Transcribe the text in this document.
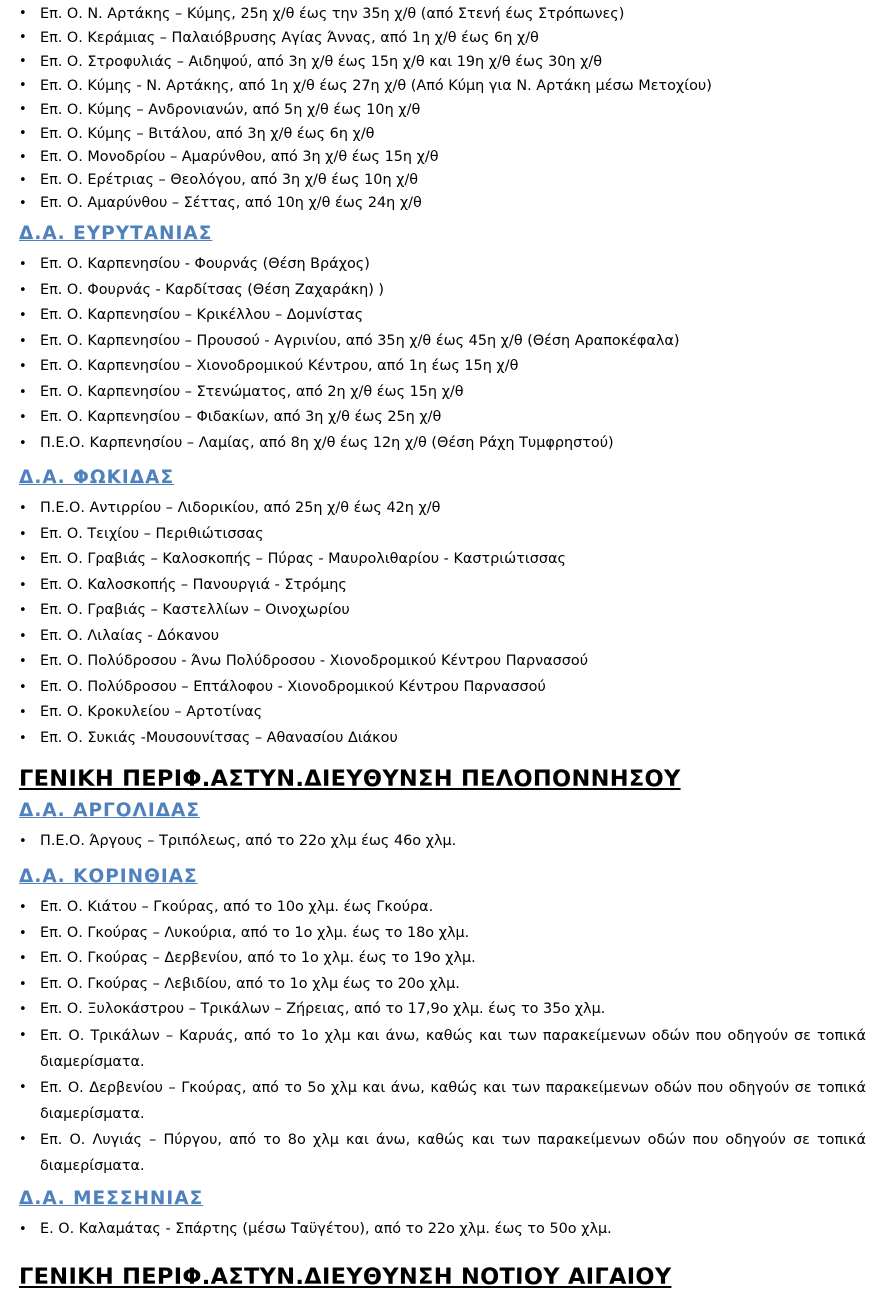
• Επ. Ο. Ν. Αρτάκης – Κύμης, 25η χ/θ έως την 35η χ/θ (από Στενή έως Στρόπωνες)
• Επ. Ο. Κεράμιας – Παλαιόβρυσης Αγίας Άννας, από 1η χ/θ έως 6η χ/θ
• Επ. Ο. Στροφυλιάς – Αιδηψού, από 3η χ/θ έως 15η χ/θ και 19η χ/θ έως 30η χ/θ
• Επ. Ο. Κύμης - Ν. Αρτάκης, από 1η χ/θ έως 27η χ/θ (Από Κύμη για Ν. Αρτάκη μέσω Μετοχίου)
• Επ. Ο. Κύμης – Ανδρονιανών, από 5η χ/θ έως 10η χ/θ
• Επ. Ο. Κύμης – Βιτάλου, από 3η χ/θ έως 6η χ/θ
• Επ. Ο. Μονοδρίου – Αμαρύνθου, από 3η χ/θ έως 15η χ/θ
• Επ. Ο. Ερέτριας – Θεολόγου, από 3η χ/θ έως 10η χ/θ
• Επ. Ο. Αμαρύνθου – Σέττας, από 10η χ/θ έως 24η χ/θ
Δ.Α. ΕΥΡΥΤΑΝΙΑΣ
• Επ. Ο. Καρπενησίου - Φουρνάς (Θέση Βράχος)
• Επ. Ο. Φουρνάς - Καρδίτσας (Θέση Ζαχαράκη) )
• Επ. Ο. Καρπενησίου – Κρικέλλου – Δομνίστας
• Επ. Ο. Καρπενησίου – Προυσού - Αγρινίου, από 35η χ/θ έως 45η χ/θ (Θέση Αραποκέφαλα)
• Επ. Ο. Καρπενησίου – Χιονοδρομικού Κέντρου, από 1η έως 15η χ/θ
• Επ. Ο. Καρπενησίου – Στενώματος, από 2η χ/θ έως 15η χ/θ
• Επ. Ο. Καρπενησίου – Φιδακίων, από 3η χ/θ έως 25η χ/θ
• Π.Ε.Ο. Καρπενησίου – Λαμίας, από 8η χ/θ έως 12η χ/θ (Θέση Ράχη Τυμφρηστού)
Δ.Α. ΦΩΚΙΔΑΣ
• Π.Ε.Ο. Αντιρρίου – Λιδορικίου, από 25η χ/θ έως 42η χ/θ
• Επ. Ο. Τειχίου – Περιθιώτισσας
• Επ. Ο. Γραβιάς – Καλοσκοπής – Πύρας - Μαυρολιθαρίου - Καστριώτισσας
• Επ. Ο. Καλοσκοπής – Πανουργιά - Στρόμης
• Επ. Ο. Γραβιάς – Καστελλίων – Οινοχωρίου
• Επ. Ο. Λιλαίας - Δόκανου
• Επ. Ο. Πολύδροσου - Άνω Πολύδροσου - Χιονοδρομικού Κέντρου Παρνασσού
• Επ. Ο. Πολύδροσου – Επτάλοφου - Χιονοδρομικού Κέντρου Παρνασσού
• Επ. Ο. Κροκυλείου – Αρτοτίνας
• Επ. Ο. Συκιάς -Μουσουνίτσας – Αθανασίου Διάκου
ΓΕΝΙΚΗ ΠΕΡΙΦ.ΑΣΤΥΝ.ΔΙΕΥΘΥΝΣΗ ΠΕΛΟΠΟΝΝΗΣΟΥ
Δ.Α. ΑΡΓΟΛΙΔΑΣ
• Π.Ε.Ο. Άργους – Τριπόλεως, από το 22ο χλμ έως 46ο χλμ.
Δ.Α. ΚΟΡΙΝΘΙΑΣ
• Επ. Ο. Κιάτου – Γκούρας, από το 10ο χλμ. έως Γκούρα.
• Επ. Ο. Γκούρας – Λυκούρια, από το 1ο χλμ. έως το 18ο χλμ.
• Επ. Ο. Γκούρας – Δερβενίου, από το 1ο χλμ. έως το 19ο χλμ.
• Επ. Ο. Γκούρας – Λεβιδίου, από το 1ο χλμ έως το 20ο χλμ.
• Επ. Ο. Ξυλοκάστρου – Τρικάλων – Ζήρειας, από το 17,9ο χλμ. έως το 35ο χλμ.
• Επ. Ο. Τρικάλων – Καρυάς, από το 1ο χλμ και άνω, καθώς και των παρακείμενων οδών που οδηγούν σε τοπικά διαμερίσματα.
• Επ. Ο. Δερβενίου – Γκούρας, από το 5ο χλμ και άνω, καθώς και των παρακείμενων οδών που οδηγούν σε τοπικά διαμερίσματα.
• Επ. Ο. Λυγιάς – Πύργου, από το 8ο χλμ και άνω, καθώς και των παρακείμενων οδών που οδηγούν σε τοπικά διαμερίσματα.
Δ.Α. ΜΕΣΣΗΝΙΑΣ
• Ε. Ο. Καλαμάτας - Σπάρτης (μέσω Ταϋγέτου), από το 22ο χλμ. έως το 50ο χλμ.
ΓΕΝΙΚΗ ΠΕΡΙΦ.ΑΣΤΥΝ.ΔΙΕΥΘΥΝΣΗ ΝΟΤΙΟΥ ΑΙΓΑΙΟΥ
